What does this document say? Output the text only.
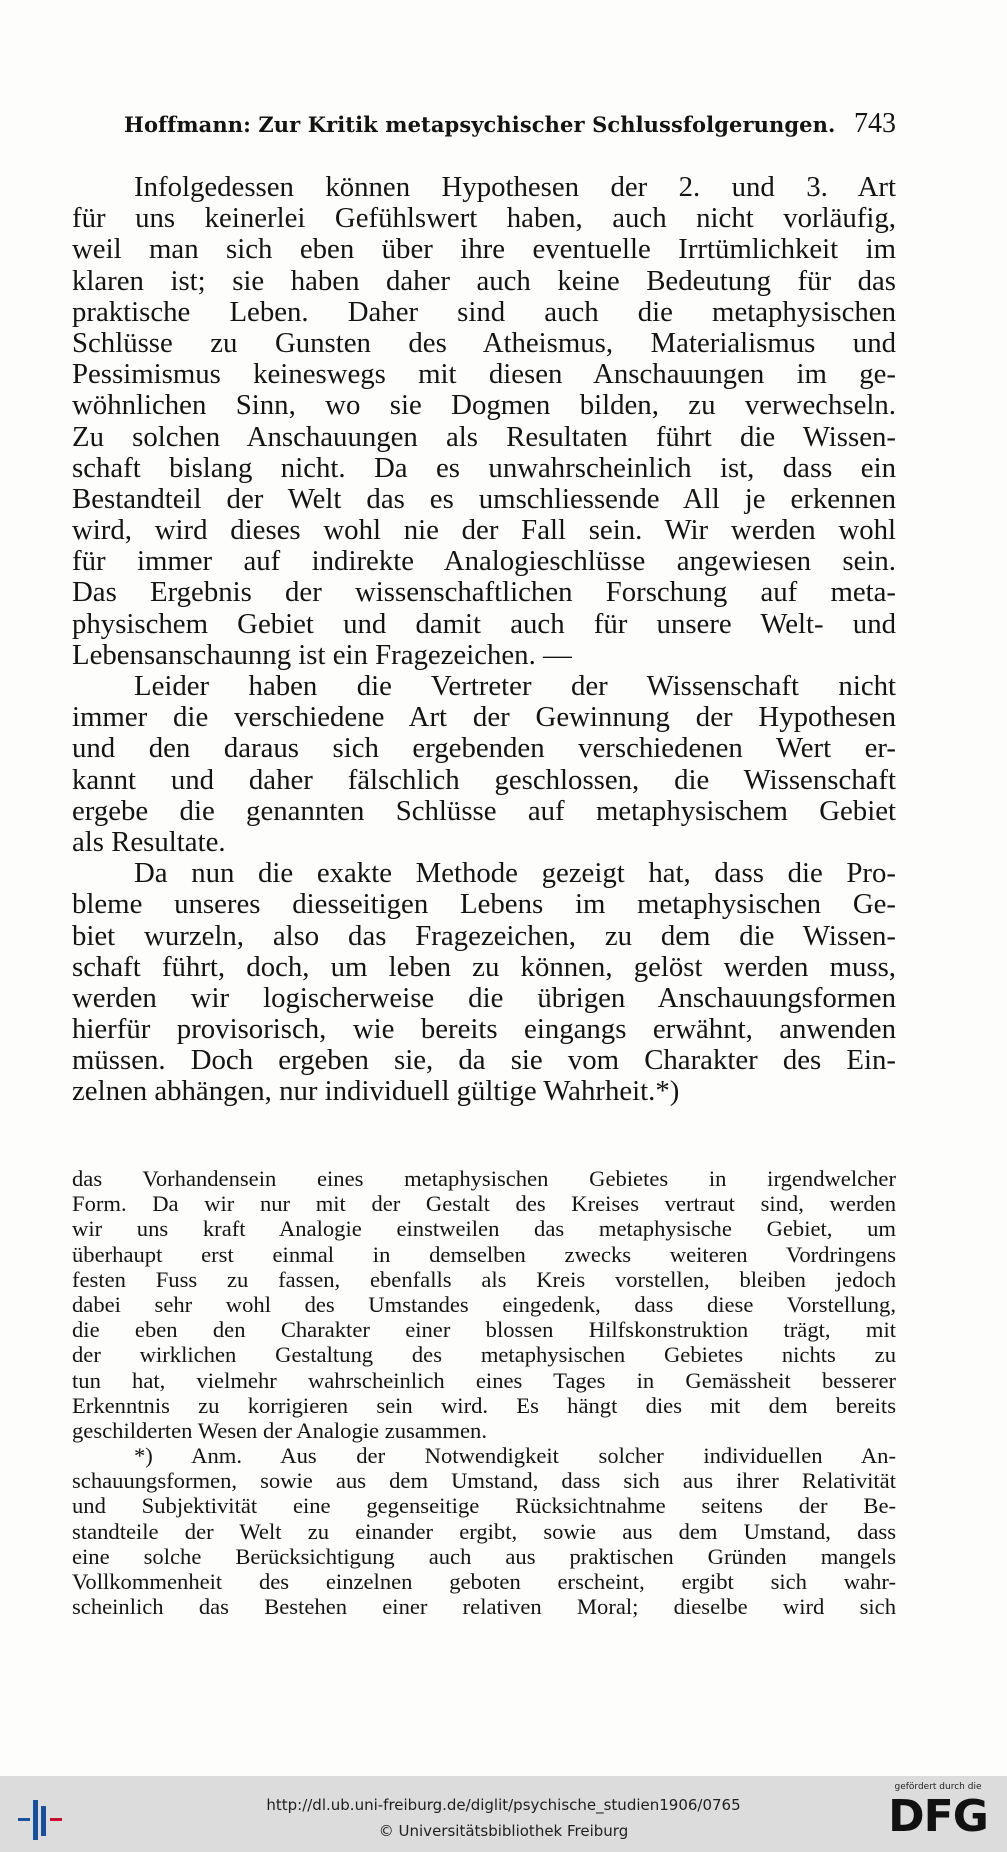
Hoffmann: Zur Kritik metapsychischer Schlussfolgerungen. 743
Infolgedessen können Hypothesen der 2. und 3. Art
für uns keinerlei Gefühlswert haben, auch nicht vorläufig,
weil man sich eben über ihre eventuelle Irrtümlichkeit im
klaren ist; sie haben daher auch keine Bedeutung für das
praktische Leben. Daher sind auch die metaphysischen
Schlüsse zu Gunsten des Atheismus, Materialismus und
Pessimismus keineswegs mit diesen Anschauungen im ge-
wöhnlichen Sinn, wo sie Dogmen bilden, zu verwechseln.
Zu solchen Anschauungen als Resultaten führt die Wissen-
schaft bislang nicht. Da es unwahrscheinlich ist, dass ein
Bestandteil der Welt das es umschliessende All je erkennen
wird, wird dieses wohl nie der Fall sein. Wir werden wohl
für immer auf indirekte Analogieschlüsse angewiesen sein.
Das Ergebnis der wissenschaftlichen Forschung auf meta-
physischem Gebiet und damit auch für unsere Welt- und
Lebensanschaunng ist ein Fragezeichen. —
Leider haben die Vertreter der Wissenschaft nicht
immer die verschiedene Art der Gewinnung der Hypothesen
und den daraus sich ergebenden verschiedenen Wert er-
kannt und daher fälschlich geschlossen, die Wissenschaft
ergebe die genannten Schlüsse auf metaphysischem Gebiet
als Resultate.
Da nun die exakte Methode gezeigt hat, dass die Pro-
bleme unseres diesseitigen Lebens im metaphysischen Ge-
biet wurzeln, also das Fragezeichen, zu dem die Wissen-
schaft führt, doch, um leben zu können, gelöst werden muss,
werden wir logischerweise die übrigen Anschauungsformen
hierfür provisorisch, wie bereits eingangs erwähnt, anwenden
müssen. Doch ergeben sie, da sie vom Charakter des Ein-
zelnen abhängen, nur individuell gültige Wahrheit.*)
das Vorhandensein eines metaphysischen Gebietes in irgendwelcher
Form. Da wir nur mit der Gestalt des Kreises vertraut sind, werden
wir uns kraft Analogie einstweilen das metaphysische Gebiet, um
überhaupt erst einmal in demselben zwecks weiteren Vordringens
festen Fuss zu fassen, ebenfalls als Kreis vorstellen, bleiben jedoch
dabei sehr wohl des Umstandes eingedenk, dass diese Vorstellung,
die eben den Charakter einer blossen Hilfskonstruktion trägt, mit
der wirklichen Gestaltung des metaphysischen Gebietes nichts zu
tun hat, vielmehr wahrscheinlich eines Tages in Gemässheit besserer
Erkenntnis zu korrigieren sein wird. Es hängt dies mit dem bereits
geschilderten Wesen der Analogie zusammen.
*) Anm. Aus der Notwendigkeit solcher individuellen An-
schauungsformen, sowie aus dem Umstand, dass sich aus ihrer Relativität
und Subjektivität eine gegenseitige Rücksichtnahme seitens der Be-
standteile der Welt zu einander ergibt, sowie aus dem Umstand, dass
eine solche Berücksichtigung auch aus praktischen Gründen mangels
Vollkommenheit des einzelnen geboten erscheint, ergibt sich wahr-
scheinlich das Bestehen einer relativen Moral; dieselbe wird sich
http://dl.ub.uni-freiburg.de/diglit/psychische_studien1906/0765
© Universitätsbibliothek Freiburg
gefördert durch die
DFG
